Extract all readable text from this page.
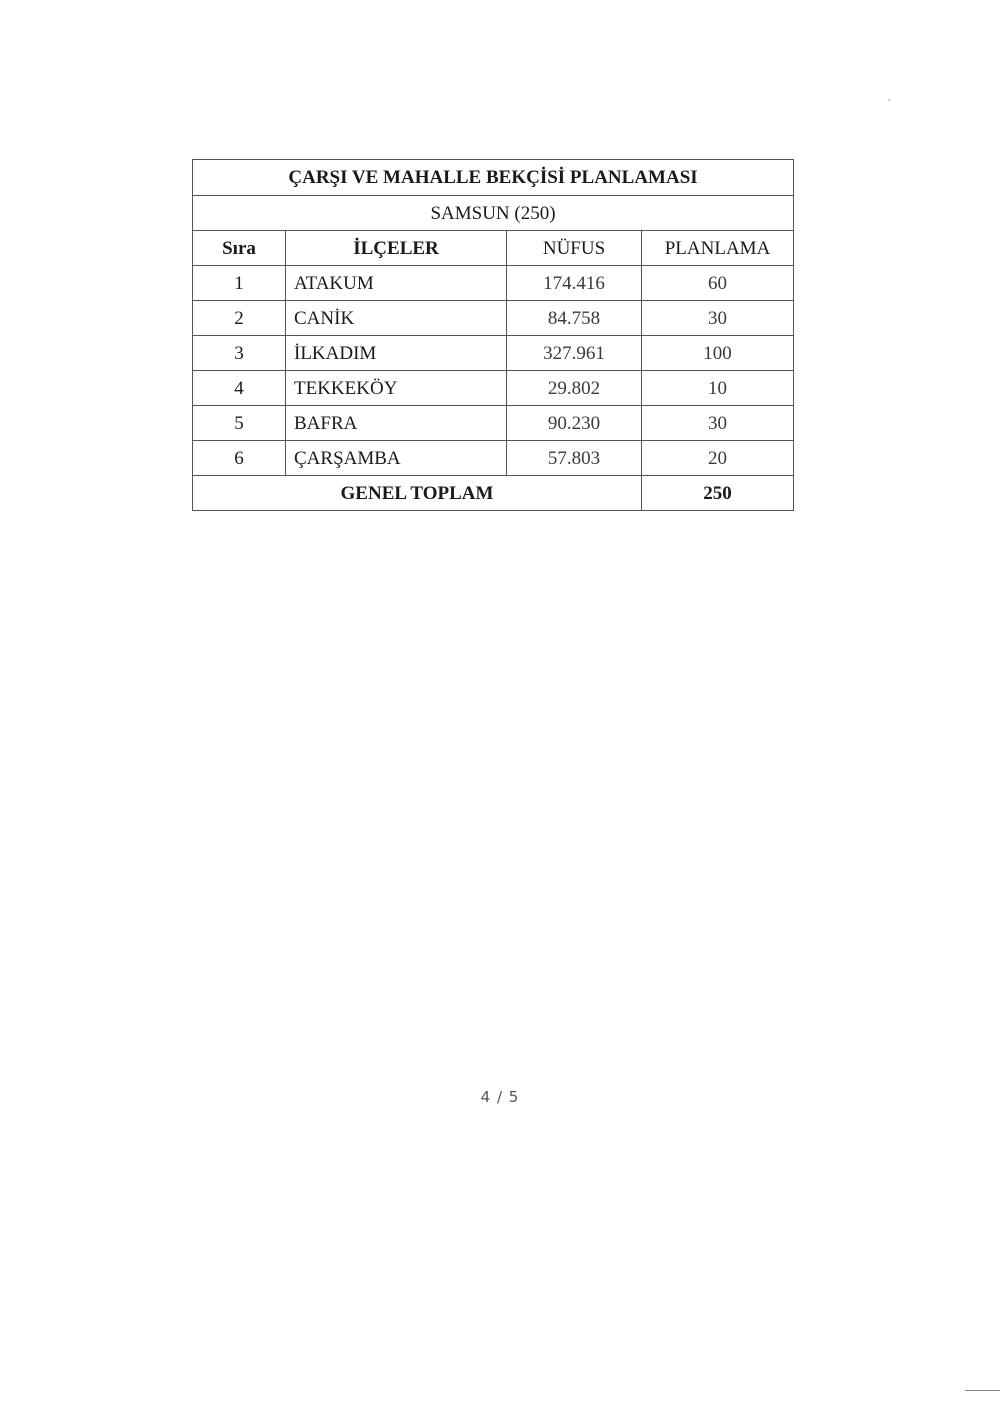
ÇARŞI VE MAHALLE BEKÇİSİ PLANLAMASI			
SAMSUN (250)			
Sıra	İLÇELER	NÜFUS	PLANLAMA
1	ATAKUM	174.416	60
2	CANİK	84.758	30
3	İLKADIM	327.961	100
4	TEKKEKÖY	29.802	10
5	BAFRA	90.230	30
6	ÇARŞAMBA	57.803	20
GENEL TOPLAM			250
4 / 5
